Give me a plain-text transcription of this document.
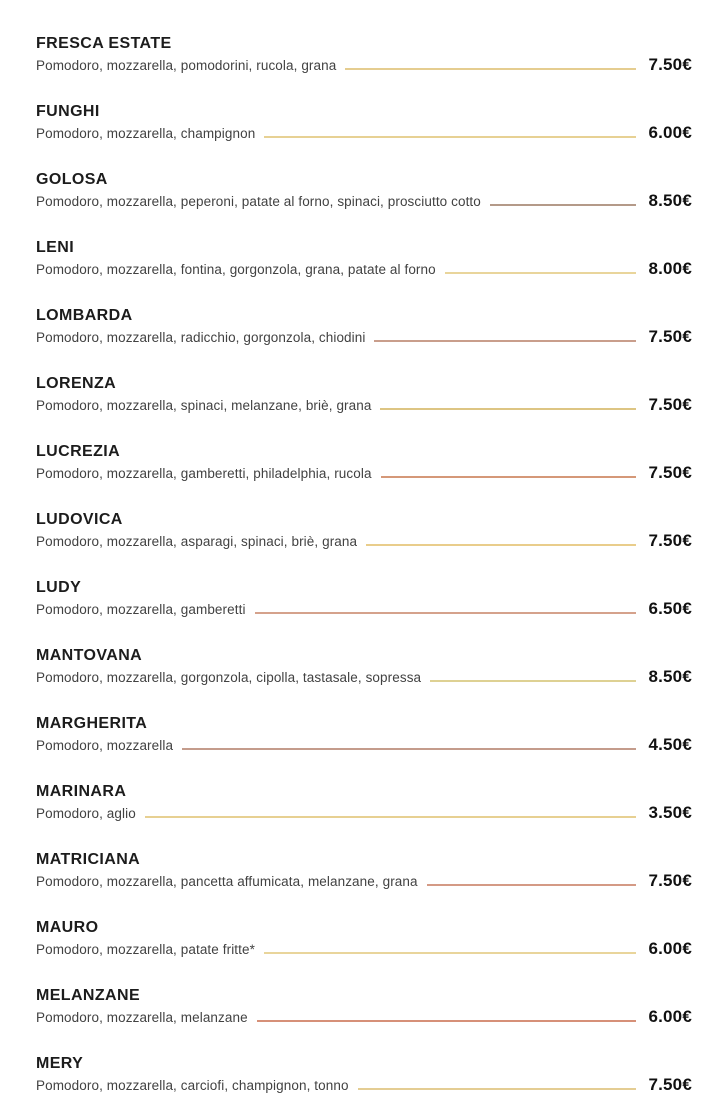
FRESCA ESTATE
Pomodoro, mozzarella, pomodorini, rucola, grana	7.50€
FUNGHI
Pomodoro, mozzarella, champignon	6.00€
GOLOSA
Pomodoro, mozzarella, peperoni, patate al forno, spinaci, prosciutto cotto	8.50€
LENI
Pomodoro, mozzarella, fontina, gorgonzola, grana, patate al forno	8.00€
LOMBARDA
Pomodoro, mozzarella, radicchio, gorgonzola, chiodini	7.50€
LORENZA
Pomodoro, mozzarella, spinaci, melanzane, briè, grana	7.50€
LUCREZIA
Pomodoro, mozzarella, gamberetti, philadelphia, rucola	7.50€
LUDOVICA
Pomodoro, mozzarella, asparagi, spinaci, briè, grana	7.50€
LUDY
Pomodoro, mozzarella, gamberetti	6.50€
MANTOVANA
Pomodoro, mozzarella, gorgonzola, cipolla, tastasale, sopressa	8.50€
MARGHERITA
Pomodoro, mozzarella	4.50€
MARINARA
Pomodoro, aglio	3.50€
MATRICIANA
Pomodoro, mozzarella, pancetta affumicata, melanzane, grana	7.50€
MAURO
Pomodoro, mozzarella, patate fritte*	6.00€
MELANZANE
Pomodoro, mozzarella, melanzane	6.00€
MERY
Pomodoro, mozzarella, carciofi, champignon, tonno	7.50€
